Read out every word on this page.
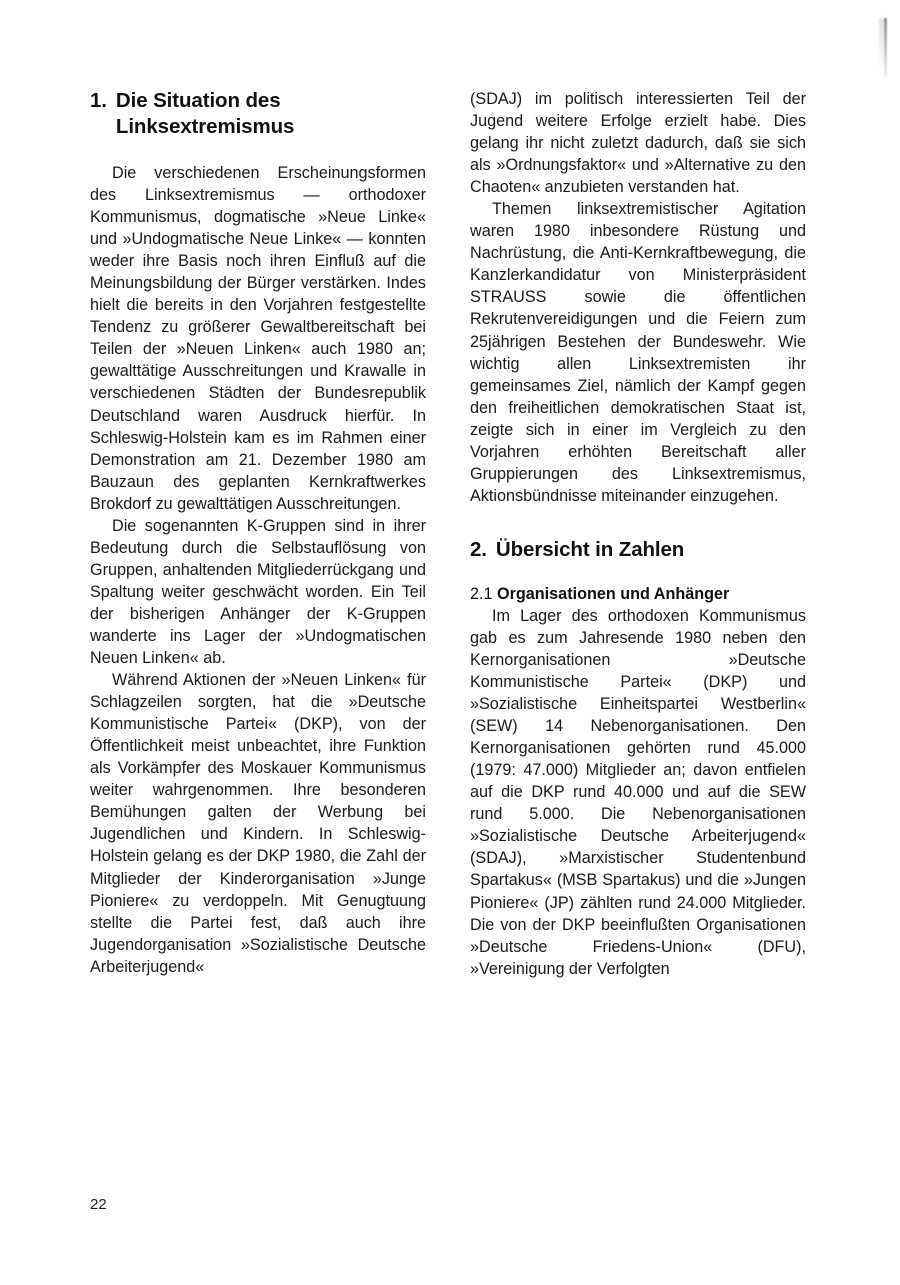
1. Die Situation des
Linksextremismus

Die verschiedenen Erscheinungsformen des Linksextremismus — orthodoxer Kommunismus, dogmatische »Neue Linke« und »Undogmatische Neue Linke« — konnten weder ihre Basis noch ihren Einfluß auf die Meinungsbildung der Bürger verstärken. Indes hielt die bereits in den Vorjahren festgestellte Tendenz zu größerer Gewaltbereitschaft bei Teilen der »Neuen Linken« auch 1980 an; gewalttätige Ausschreitungen und Krawalle in verschiedenen Städten der Bundesrepublik Deutschland waren Ausdruck hierfür. In Schleswig-Holstein kam es im Rahmen einer Demonstration am 21. Dezember 1980 am Bauzaun des geplanten Kernkraftwerkes Brokdorf zu gewalttätigen Ausschreitungen.

Die sogenannten K-Gruppen sind in ihrer Bedeutung durch die Selbstauflösung von Gruppen, anhaltenden Mitgliederrückgang und Spaltung weiter geschwächt worden. Ein Teil der bisherigen Anhänger der K-Gruppen wanderte ins Lager der »Undogmatischen Neuen Linken« ab.

Während Aktionen der »Neuen Linken« für Schlagzeilen sorgten, hat die »Deutsche Kommunistische Partei« (DKP), von der Öffentlichkeit meist unbeachtet, ihre Funktion als Vorkämpfer des Moskauer Kommunismus weiter wahrgenommen. Ihre besonderen Bemühungen galten der Werbung bei Jugendlichen und Kindern. In Schleswig-Holstein gelang es der DKP 1980, die Zahl der Mitglieder der Kinderorganisation »Junge Pioniere« zu verdoppeln. Mit Genugtuung stellte die Partei fest, daß auch ihre Jugendorganisation »Sozialistische Deutsche Arbeiterjugend«

(SDAJ) im politisch interessierten Teil der Jugend weitere Erfolge erzielt habe. Dies gelang ihr nicht zuletzt dadurch, daß sie sich als »Ordnungsfaktor« und »Alternative zu den Chaoten« anzubieten verstanden hat.

Themen linksextremistischer Agitation waren 1980 inbesondere Rüstung und Nachrüstung, die Anti-Kernkraftbewegung, die Kanzlerkandidatur von Ministerpräsident STRAUSS sowie die öffentlichen Rekrutenvereidigungen und die Feiern zum 25jährigen Bestehen der Bundeswehr. Wie wichtig allen Linksextremisten ihr gemeinsames Ziel, nämlich der Kampf gegen den freiheitlichen demokratischen Staat ist, zeigte sich in einer im Vergleich zu den Vorjahren erhöhten Bereitschaft aller Gruppierungen des Linksextremismus, Aktionsbündnisse miteinander einzugehen.

2. Übersicht in Zahlen
2.1 Organisationen und Anhänger

Im Lager des orthodoxen Kommunismus gab es zum Jahresende 1980 neben den Kernorganisationen »Deutsche Kommunistische Partei« (DKP) und »Sozialistische Einheitspartei Westberlin« (SEW) 14 Nebenorganisationen. Den Kernorganisationen gehörten rund 45.000 (1979: 47.000) Mitglieder an; davon entfielen auf die DKP rund 40.000 und auf die SEW rund 5.000. Die Nebenorganisationen »Sozialistische Deutsche Arbeiterjugend« (SDAJ), »Marxistischer Studentenbund Spartakus« (MSB Spartakus) und die »Jungen Pioniere« (JP) zählten rund 24.000 Mitglieder. Die von der DKP beeinflußten Organisationen »Deutsche Friedens-Union« (DFU), »Vereinigung der Verfolgten

22
